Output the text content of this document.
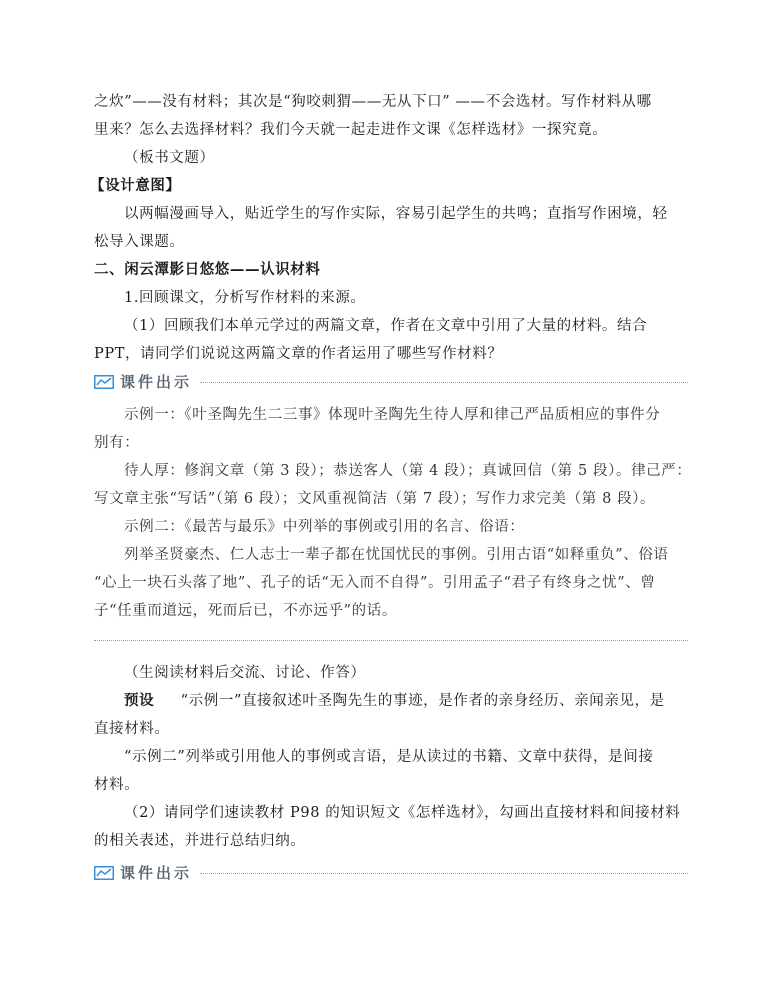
之炊”——没有材料；其次是“狗咬刺猬——无从下口” ——不会选材。写作材料从哪
里来？怎么去选择材料？我们今天就一起走进作文课《怎样选材》一探究竟。
（板书文题）
【设计意图】
以两幅漫画导入，贴近学生的写作实际，容易引起学生的共鸣；直指写作困境，轻
松导入课题。
二、闲云潭影日悠悠——认识材料
1.回顾课文，分析写作材料的来源。
（1）回顾我们本单元学过的两篇文章，作者在文章中引用了大量的材料。结合
PPT，请同学们说说这两篇文章的作者运用了哪些写作材料？
课件出示
示例一：《叶圣陶先生二三事》体现叶圣陶先生待人厚和律己严品质相应的事件分
别有：
待人厚：修润文章（第 3 段）；恭送客人（第 4 段）；真诚回信（第 5 段）。律己严：
写文章主张“写话”（第 6 段）；文风重视简洁（第 7 段）；写作力求完美（第 8 段）。
示例二：《最苦与最乐》中列举的事例或引用的名言、俗语：
列举圣贤豪杰、仁人志士一辈子都在忧国忧民的事例。引用古语“如释重负”、俗语
“心上一块石头落了地”、孔子的话“无入而不自得”。引用孟子“君子有终身之忧”、曾
子“任重而道远，死而后已，不亦远乎”的话。
（生阅读材料后交流、讨论、作答）
预设 “示例一”直接叙述叶圣陶先生的事迹，是作者的亲身经历、亲闻亲见，是
直接材料。
“示例二”列举或引用他人的事例或言语，是从读过的书籍、文章中获得，是间接
材料。
（2）请同学们速读教材 P98 的知识短文《怎样选材》，勾画出直接材料和间接材料
的相关表述，并进行总结归纳。
课件出示
